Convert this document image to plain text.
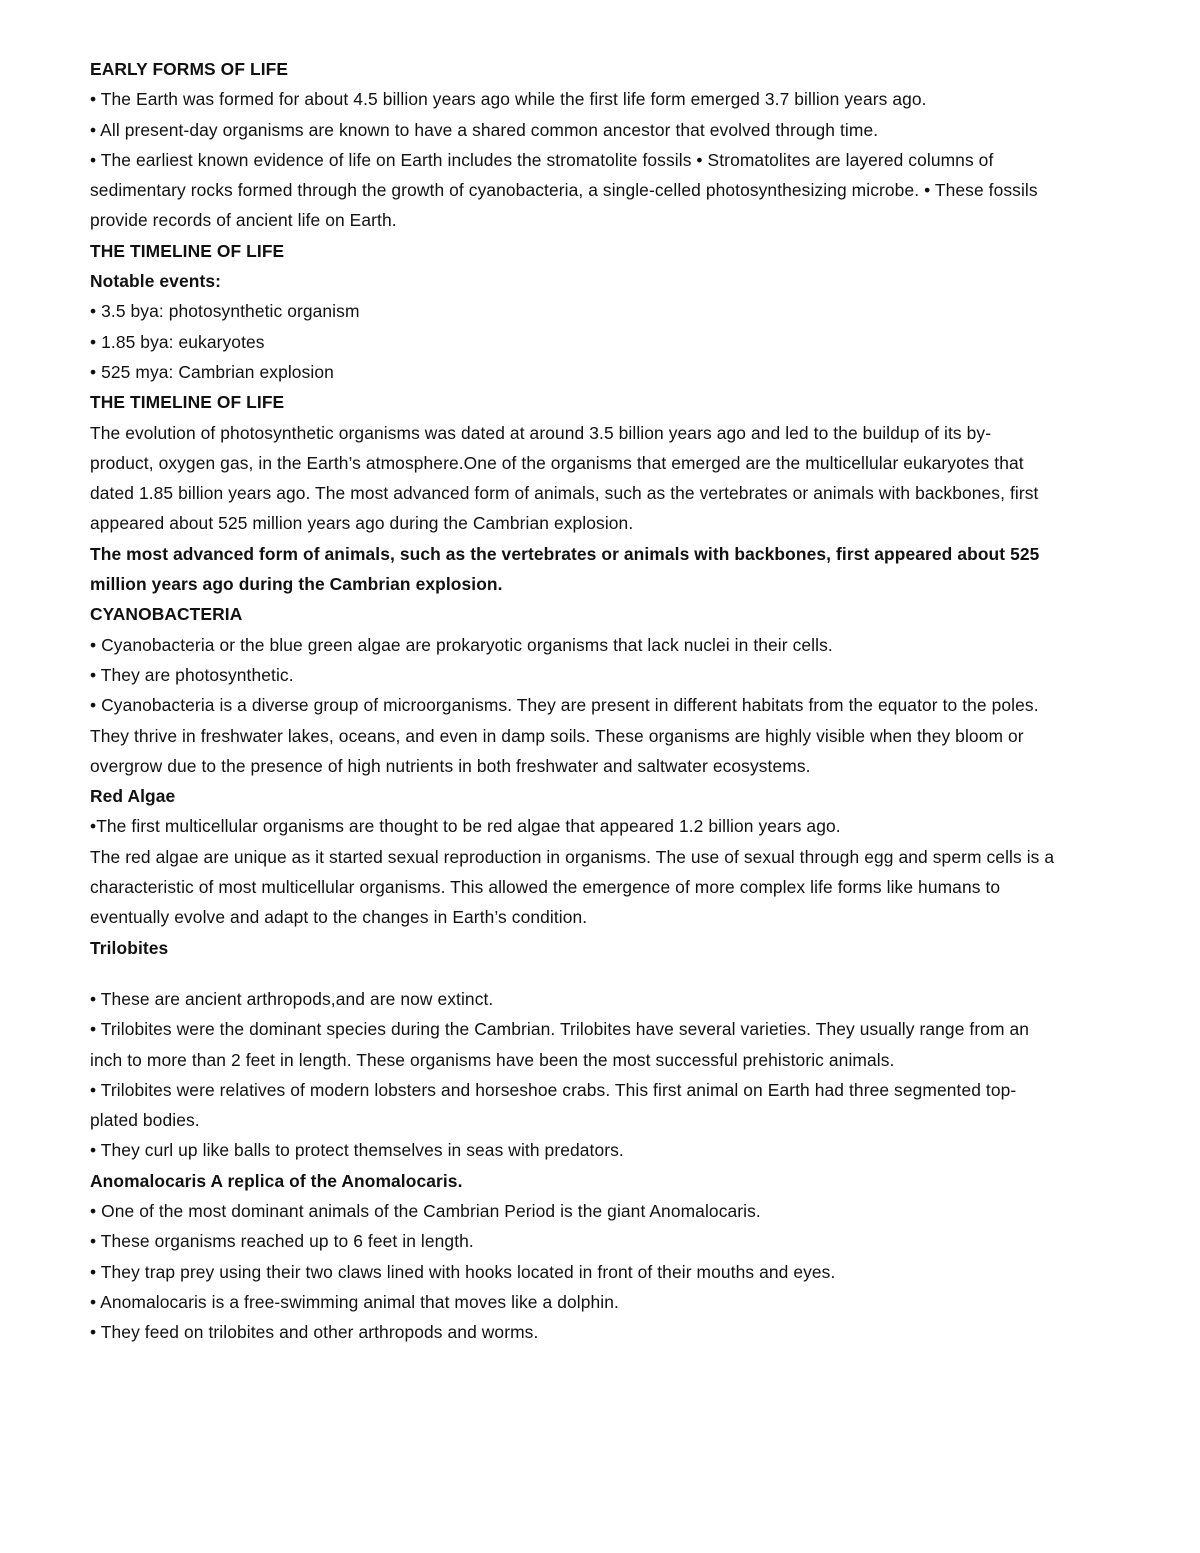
EARLY FORMS OF LIFE
• The Earth was formed for about 4.5 billion years ago while the first life form emerged 3.7 billion years ago.
• All present-day organisms are known to have a shared common ancestor that evolved through time.
• The earliest known evidence of life on Earth includes the stromatolite fossils • Stromatolites are layered columns of
sedimentary rocks formed through the growth of cyanobacteria, a single-celled photosynthesizing microbe. • These fossils
provide records of ancient life on Earth.
THE TIMELINE OF LIFE
Notable events:
• 3.5 bya: photosynthetic organism
• 1.85 bya: eukaryotes
• 525 mya: Cambrian explosion
THE TIMELINE OF LIFE
The evolution of photosynthetic organisms was dated at around 3.5 billion years ago and led to the buildup of its by-
product, oxygen gas, in the Earth’s atmosphere.One of the organisms that emerged are the multicellular eukaryotes that
dated 1.85 billion years ago. The most advanced form of animals, such as the vertebrates or animals with backbones, first
appeared about 525 million years ago during the Cambrian explosion.
The most advanced form of animals, such as the vertebrates or animals with backbones, first appeared about 525
million years ago during the Cambrian explosion.
CYANOBACTERIA
• Cyanobacteria or the blue green algae are prokaryotic organisms that lack nuclei in their cells.
• They are photosynthetic.
• Cyanobacteria is a diverse group of microorganisms. They are present in different habitats from the equator to the poles.
They thrive in freshwater lakes, oceans, and even in damp soils. These organisms are highly visible when they bloom or
overgrow due to the presence of high nutrients in both freshwater and saltwater ecosystems.
Red Algae
•The first multicellular organisms are thought to be red algae that appeared 1.2 billion years ago.
The red algae are unique as it started sexual reproduction in organisms. The use of sexual through egg and sperm cells is a
characteristic of most multicellular organisms. This allowed the emergence of more complex life forms like humans to
eventually evolve and adapt to the changes in Earth’s condition.
Trilobites
• These are ancient arthropods,and are now extinct.
• Trilobites were the dominant species during the Cambrian. Trilobites have several varieties. They usually range from an
inch to more than 2 feet in length. These organisms have been the most successful prehistoric animals.
• Trilobites were relatives of modern lobsters and horseshoe crabs. This first animal on Earth had three segmented top-
plated bodies.
• They curl up like balls to protect themselves in seas with predators.
Anomalocaris A replica of the Anomalocaris.
• One of the most dominant animals of the Cambrian Period is the giant Anomalocaris.
• These organisms reached up to 6 feet in length.
• They trap prey using their two claws lined with hooks located in front of their mouths and eyes.
• Anomalocaris is a free-swimming animal that moves like a dolphin.
• They feed on trilobites and other arthropods and worms.
